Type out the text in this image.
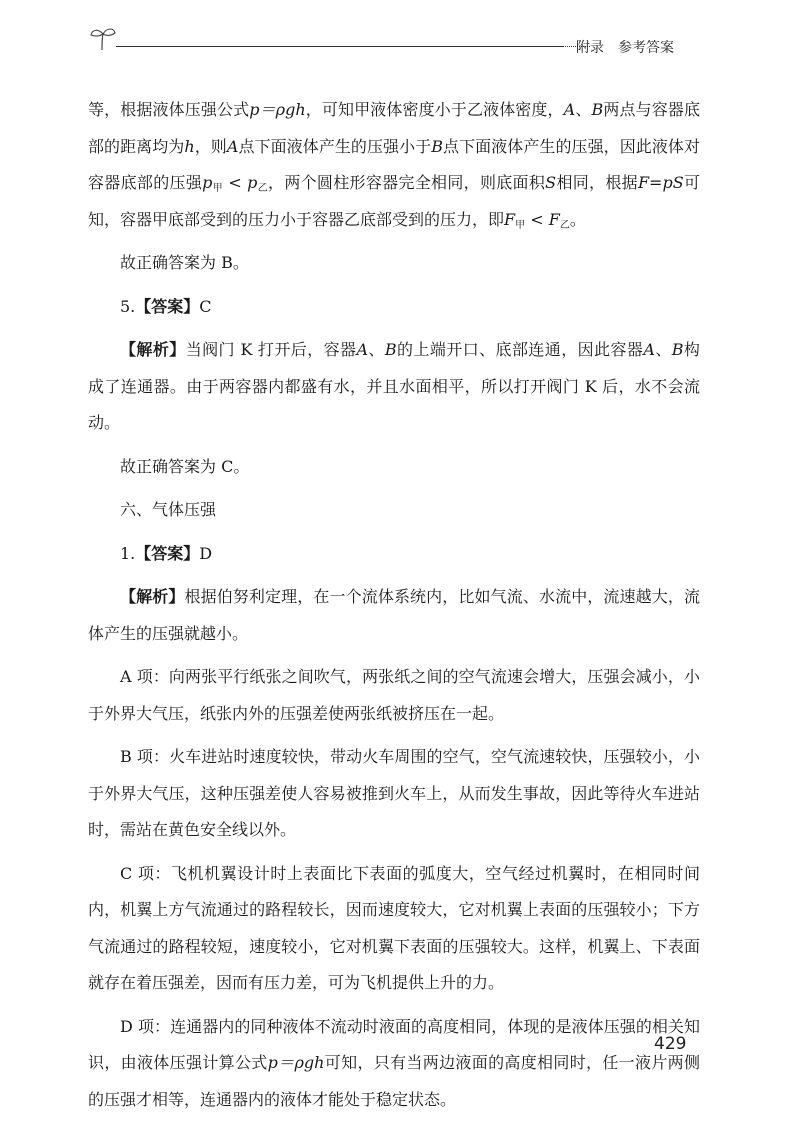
附录 参考答案

等，根据液体压强公式p＝ρgh，可知甲液体密度小于乙液体密度，A、B两点与容器底部的距离均为h，则A点下面液体产生的压强小于B点下面液体产生的压强，因此液体对容器底部的压强$p_甲 < p_乙$，两个圆柱形容器完全相同，则底面积S相同，根据F=pS可知，容器甲底部受到的压力小于容器乙底部受到的压力，即$F_甲 < F_乙$。

故正确答案为 B。

5.【答案】C

【解析】当阀门 K 打开后，容器A、B的上端开口、底部连通，因此容器A、B构成了连通器。由于两容器内都盛有水，并且水面相平，所以打开阀门 K 后，水不会流动。

故正确答案为 C。

六、气体压强

1.【答案】D

【解析】根据伯努利定理，在一个流体系统内，比如气流、水流中，流速越大，流体产生的压强就越小。

A 项：向两张平行纸张之间吹气，两张纸之间的空气流速会增大，压强会减小，小于外界大气压，纸张内外的压强差使两张纸被挤压在一起。

B 项：火车进站时速度较快，带动火车周围的空气，空气流速较快，压强较小，小于外界大气压，这种压强差使人容易被推到火车上，从而发生事故，因此等待火车进站时，需站在黄色安全线以外。

C 项：飞机机翼设计时上表面比下表面的弧度大，空气经过机翼时，在相同时间内，机翼上方气流通过的路程较长，因而速度较大，它对机翼上表面的压强较小；下方气流通过的路程较短，速度较小，它对机翼下表面的压强较大。这样，机翼上、下表面就存在着压强差，因而有压力差，可为飞机提供上升的力。

D 项：连通器内的同种液体不流动时液面的高度相同，体现的是液体压强的相关知识，由液体压强计算公式p＝ρgh可知，只有当两边液面的高度相同时，任一液片两侧的压强才相等，连通器内的液体才能处于稳定状态。

429
